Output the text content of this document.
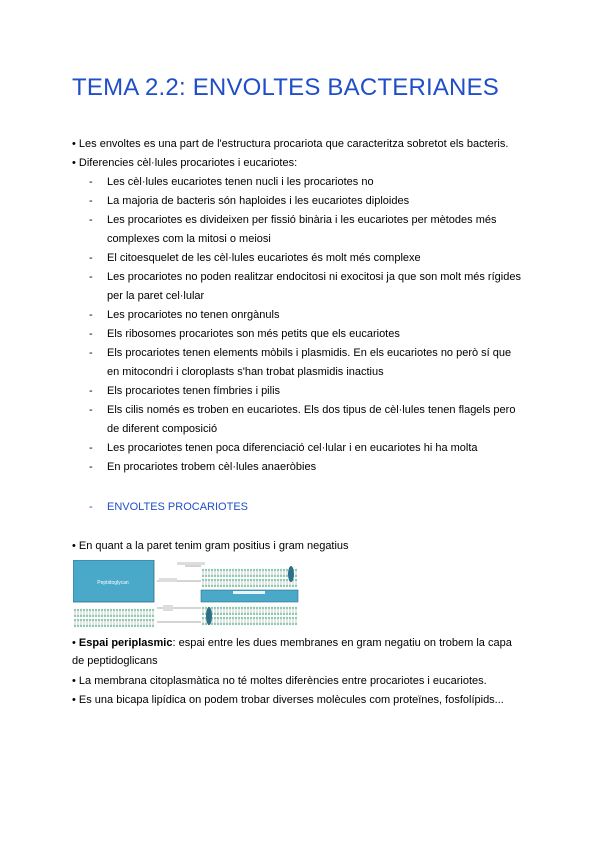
TEMA 2.2: ENVOLTES BACTERIANES
• Les envoltes es una part de l'estructura procariota que caracteritza sobretot els bacteris.
• Diferencies cèl·lules procariotes i eucariotes:
- Les cèl·lules eucariotes tenen nucli i les procariotes no
- La majoria de bacteris són haploides i les eucariotes diploides
- Les procariotes es divideixen per fissió binària i les eucariotes per mètodes més
complexes com la mitosi o meiosi
- El citoesquelet de les cèl·lules eucariotes és molt més complexe
- Les procariotes no poden realitzar endocitosi ni exocitosi ja que son molt més rígides
per la paret cel·lular
- Les procariotes no tenen onrgànuls
- Els ribosomes procariotes son més petits que els eucariotes
- Els procariotes tenen elements mòbils i plasmidis. En els eucariotes no però sí que
en mitocondri i cloroplasts s'han trobat plasmidis inactius
- Els procariotes tenen fímbries i pilis
- Els cilis només es troben en eucariotes. Els dos tipus de cèl·lules tenen flagels pero
de diferent composició
- Les procariotes tenen poca diferenciació cel·lular i en eucariotes hi ha molta
- En procariotes trobem cèl·lules anaeròbies
- ENVOLTES PROCARIOTES
• En quant a la paret tenim gram positius i gram negatius
Peptidoglycan
• Espai periplasmic: espai entre les dues membranes en gram negatiu on trobem la capa
de peptidoglicans
• La membrana citoplasmàtica no té moltes diferències entre procariotes i eucariotes.
• Es una bicapa lipídica on podem trobar diverses molècules com proteïnes, fosfolípids...
